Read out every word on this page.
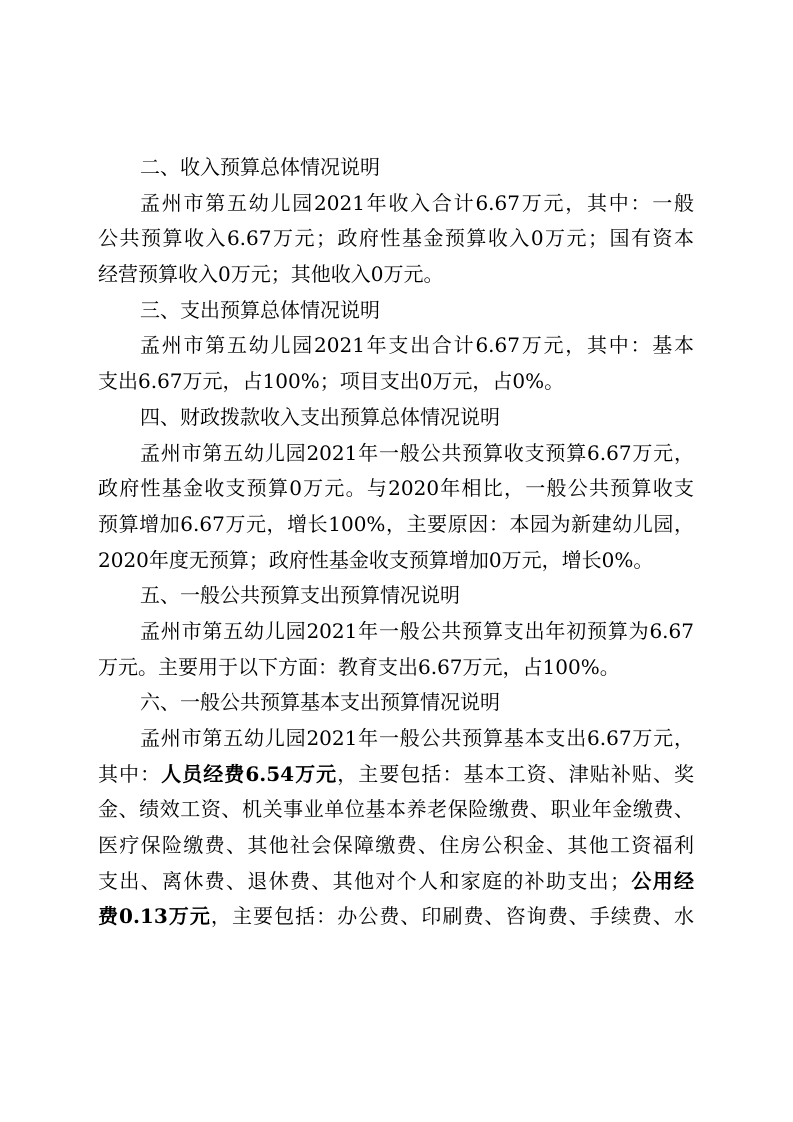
二、收入预算总体情况说明
孟州市第五幼儿园2021年收入合计6.67万元，其中：一般
公共预算收入6.67万元；政府性基金预算收入0万元；国有资本
经营预算收入0万元；其他收入0万元。
三、支出预算总体情况说明
孟州市第五幼儿园2021年支出合计6.67万元，其中：基本
支出6.67万元，占100%；项目支出0万元，占0%。
四、财政拨款收入支出预算总体情况说明
孟州市第五幼儿园2021年一般公共预算收支预算6.67万元，
政府性基金收支预算0万元。与2020年相比，一般公共预算收支
预算增加6.67万元，增长100%，主要原因：本园为新建幼儿园，
2020年度无预算；政府性基金收支预算增加0万元，增长0%。
五、一般公共预算支出预算情况说明
孟州市第五幼儿园2021年一般公共预算支出年初预算为6.67
万元。主要用于以下方面：教育支出6.67万元，占100%。
六、一般公共预算基本支出预算情况说明
孟州市第五幼儿园2021年一般公共预算基本支出6.67万元，
其中：人员经费6.54万元，主要包括：基本工资、津贴补贴、奖
金、绩效工资、机关事业单位基本养老保险缴费、职业年金缴费、
医疗保险缴费、其他社会保障缴费、住房公积金、其他工资福利
支出、离休费、退休费、其他对个人和家庭的补助支出；公用经
费0.13万元，主要包括：办公费、印刷费、咨询费、手续费、水
